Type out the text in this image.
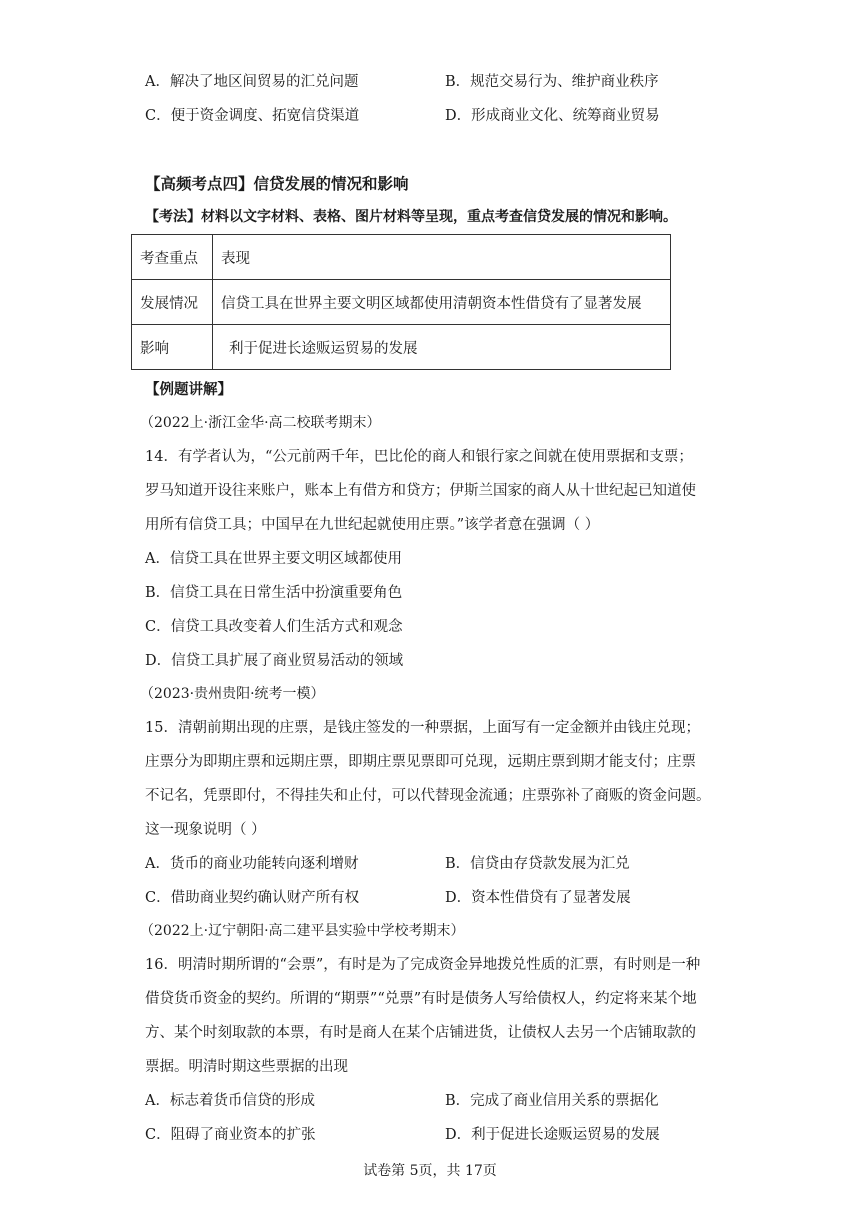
A．解决了地区间贸易的汇兑问题	B．规范交易行为、维护商业秩序
C．便于资金调度、拓宽信贷渠道	D．形成商业文化、统筹商业贸易
【高频考点四】信贷发展的情况和影响
【考法】材料以文字材料、表格、图片材料等呈现，重点考查信贷发展的情况和影响。
考查重点	表现
发展情况	信贷工具在世界主要文明区域都使用清朝资本性借贷有了显著发展
影响	利于促进长途贩运贸易的发展
【例题讲解】
（2022上·浙江金华·高二校联考期末）
14．有学者认为，“公元前两千年，巴比伦的商人和银行家之间就在使用票据和支票；
罗马知道开设往来账户，账本上有借方和贷方；伊斯兰国家的商人从十世纪起已知道使
用所有信贷工具；中国早在九世纪起就使用庄票。”该学者意在强调（ ）
A．信贷工具在世界主要文明区域都使用
B．信贷工具在日常生活中扮演重要角色
C．信贷工具改变着人们生活方式和观念
D．信贷工具扩展了商业贸易活动的领域
（2023·贵州贵阳·统考一模）
15．清朝前期出现的庄票，是钱庄签发的一种票据，上面写有一定金额并由钱庄兑现；
庄票分为即期庄票和远期庄票，即期庄票见票即可兑现，远期庄票到期才能支付；庄票
不记名，凭票即付，不得挂失和止付，可以代替现金流通；庄票弥补了商贩的资金问题。
这一现象说明（ ）
A．货币的商业功能转向逐利增财	B．信贷由存贷款发展为汇兑
C．借助商业契约确认财产所有权	D．资本性借贷有了显著发展
（2022上·辽宁朝阳·高二建平县实验中学校考期末）
16．明清时期所谓的“会票”，有时是为了完成资金异地拨兑性质的汇票，有时则是一种
借贷货币资金的契约。所谓的“期票”“兑票”有时是债务人写给债权人，约定将来某个地
方、某个时刻取款的本票，有时是商人在某个店铺进货，让债权人去另一个店铺取款的
票据。明清时期这些票据的出现
A．标志着货币信贷的形成	B．完成了商业信用关系的票据化
C．阻碍了商业资本的扩张	D．利于促进长途贩运贸易的发展
试卷第 5页，共 17页
